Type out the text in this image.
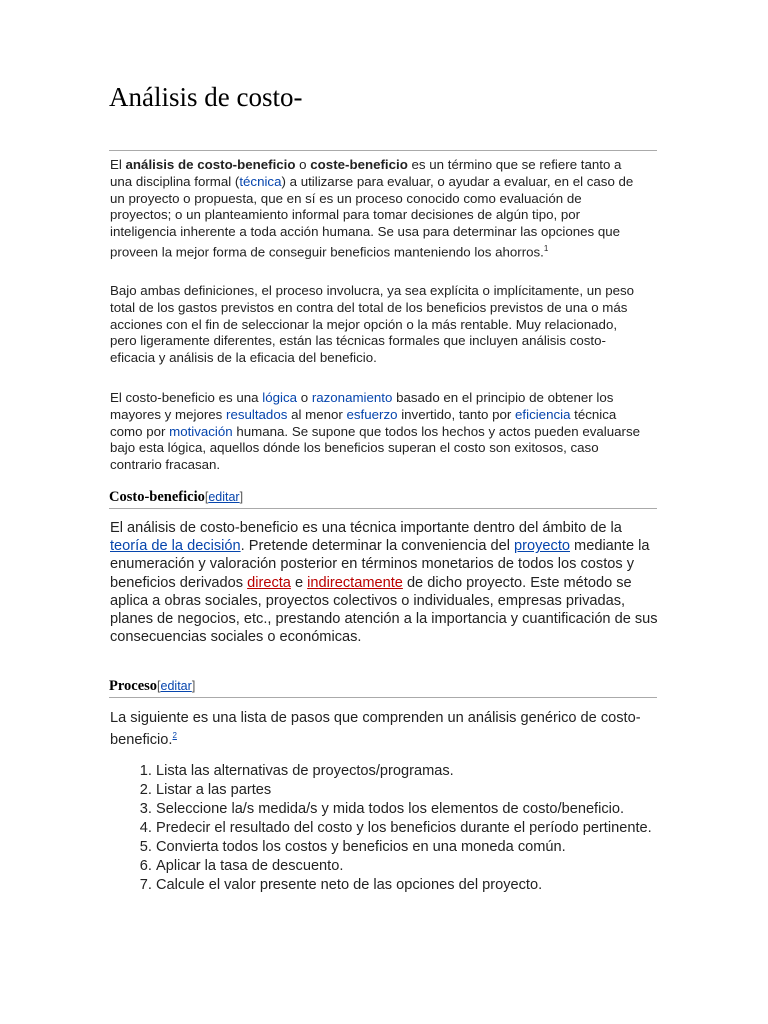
Análisis de costo-

El análisis de costo-beneficio o coste-beneficio es un término que se refiere tanto a una disciplina formal (técnica) a utilizarse para evaluar, o ayudar a evaluar, en el caso de un proyecto o propuesta, que en sí es un proceso conocido como evaluación de proyectos; o un planteamiento informal para tomar decisiones de algún tipo, por inteligencia inherente a toda acción humana. Se usa para determinar las opciones que proveen la mejor forma de conseguir beneficios manteniendo los ahorros.$^1$

Bajo ambas definiciones, el proceso involucra, ya sea explícita o implícitamente, un peso total de los gastos previstos en contra del total de los beneficios previstos de una o más acciones con el fin de seleccionar la mejor opción o la más rentable. Muy relacionado, pero ligeramente diferentes, están las técnicas formales que incluyen análisis costo-eficacia y análisis de la eficacia del beneficio.

El costo-beneficio es una lógica o razonamiento basado en el principio de obtener los mayores y mejores resultados al menor esfuerzo invertido, tanto por eficiencia técnica como por motivación humana. Se supone que todos los hechos y actos pueden evaluarse bajo esta lógica, aquellos dónde los beneficios superan el costo son exitosos, caso contrario fracasan.

Costo-beneficio[editar]

El análisis de costo-beneficio es una técnica importante dentro del ámbito de la teoría de la decisión. Pretende determinar la conveniencia del proyecto mediante la enumeración y valoración posterior en términos monetarios de todos los costos y beneficios derivados directa e indirectamente de dicho proyecto. Este método se aplica a obras sociales, proyectos colectivos o individuales, empresas privadas, planes de negocios, etc., prestando atención a la importancia y cuantificación de sus consecuencias sociales o económicas.

Proceso[editar]

La siguiente es una lista de pasos que comprenden un análisis genérico de costo-beneficio.$^2$

1. Lista las alternativas de proyectos/programas.
2. Listar a las partes
3. Seleccione la/s medida/s y mida todos los elementos de costo/beneficio.
4. Predecir el resultado del costo y los beneficios durante el período pertinente.
5. Convierta todos los costos y beneficios en una moneda común.
6. Aplicar la tasa de descuento.
7. Calcule el valor presente neto de las opciones del proyecto.
